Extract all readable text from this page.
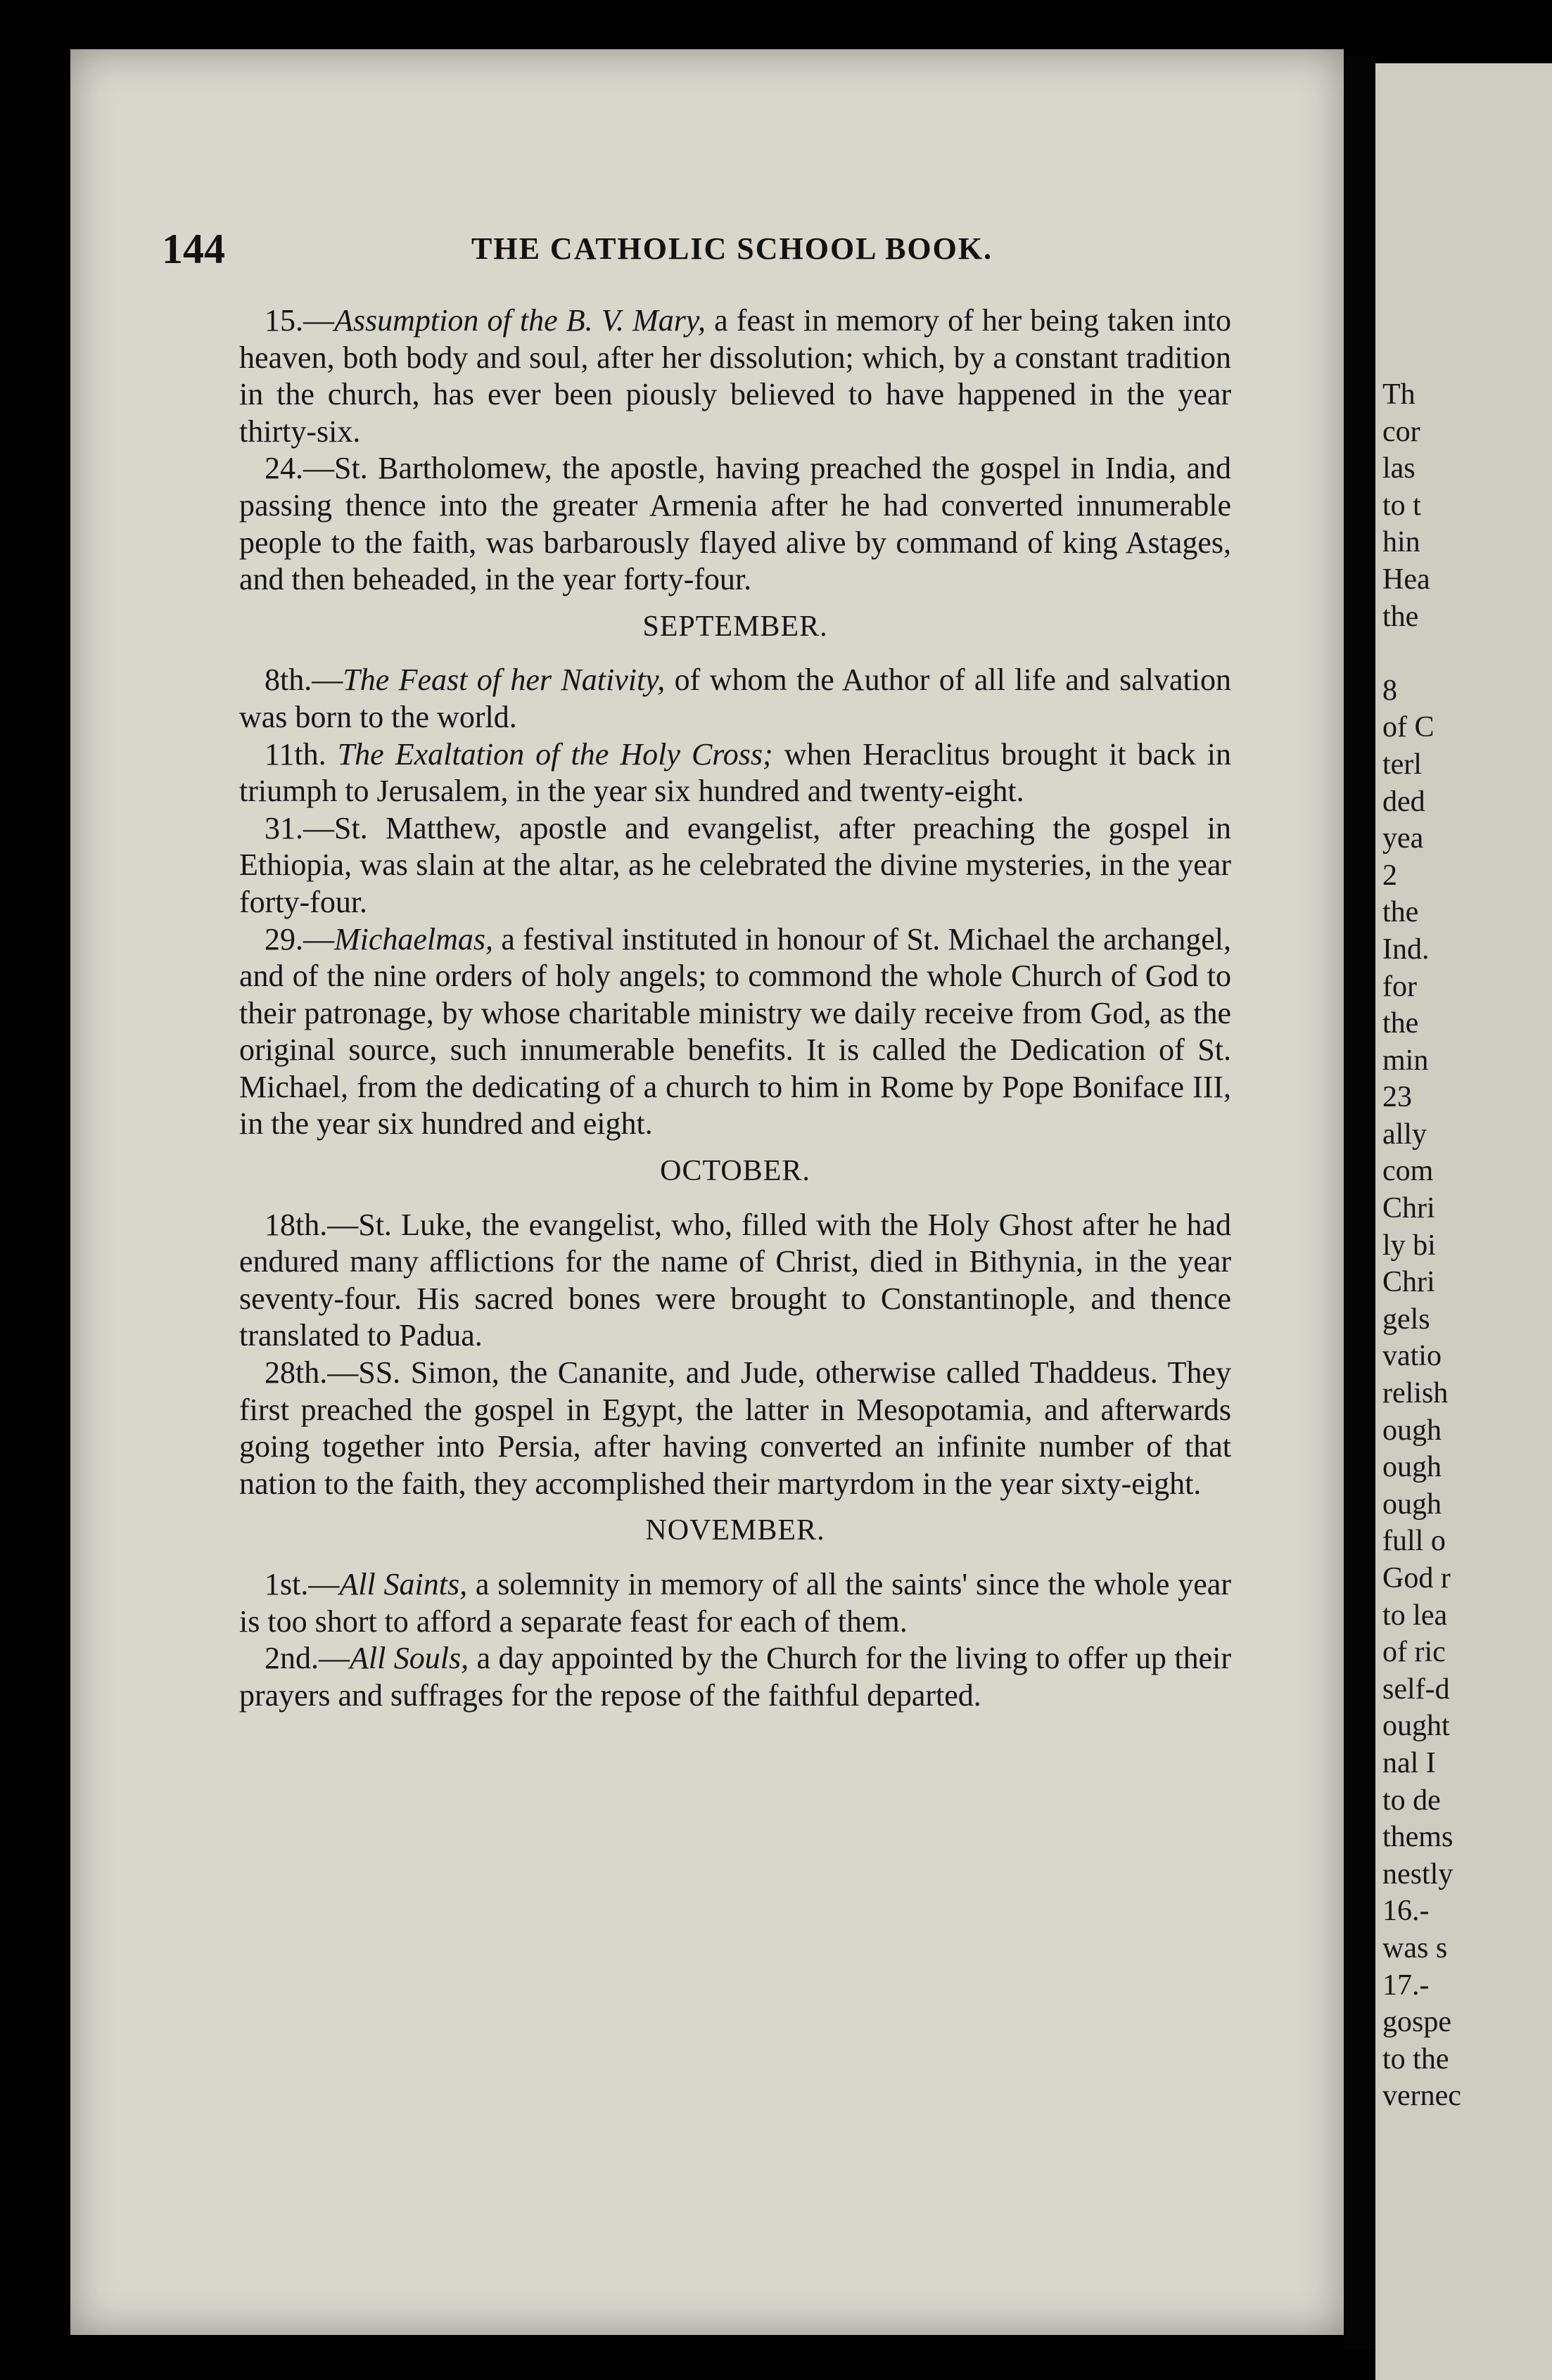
Th
cor
las
to t
hin
Hea
the

8
of C
terl
ded
yea
2
the
Ind.
for
the
min
23
ally
com
Chri
ly bi
Chri
gels
vatio
relish
ough
ough
ough
full o
God r
to lea
of ric
self-d
ought
nal I
to de
thems
nestly
16.-
was s
17.-
gospe
to the
vernec
144	THE CATHOLIC SCHOOL BOOK.

15.—Assumption of the B. V. Mary, a feast in memory of her being taken into heaven, both body and soul, after her dissolution; which, by a constant tradition in the church, has ever been piously believed to have happened in the year thirty-six.

24.—St. Bartholomew, the apostle, having preached the gospel in India, and passing thence into the greater Armenia after he had converted innumerable people to the faith, was barbarously flayed alive by command of king Astages, and then beheaded, in the year forty-four.

SEPTEMBER.

8th.—The Feast of her Nativity, of whom the Author of all life and salvation was born to the world.

11th. The Exaltation of the Holy Cross; when Heraclitus brought it back in triumph to Jerusalem, in the year six hundred and twenty-eight.

31.—St. Matthew, apostle and evangelist, after preaching the gospel in Ethiopia, was slain at the altar, as he celebrated the divine mysteries, in the year forty-four.

29.—Michaelmas, a festival instituted in honour of St. Michael the archangel, and of the nine orders of holy angels; to commond the whole Church of God to their patronage, by whose charitable ministry we daily receive from God, as the original source, such innumerable benefits. It is called the Dedication of St. Michael, from the dedicating of a church to him in Rome by Pope Boniface III, in the year six hundred and eight.

OCTOBER.

18th.—St. Luke, the evangelist, who, filled with the Holy Ghost after he had endured many afflictions for the name of Christ, died in Bithynia, in the year seventy-four. His sacred bones were brought to Constantinople, and thence translated to Padua.

28th.—SS. Simon, the Cananite, and Jude, otherwise called Thaddeus. They first preached the gospel in Egypt, the latter in Mesopotamia, and afterwards going together into Persia, after having converted an infinite number of that nation to the faith, they accomplished their martyrdom in the year sixty-eight.

NOVEMBER.

1st.—All Saints, a solemnity in memory of all the saints' since the whole year is too short to afford a separate feast for each of them.

2nd.—All Souls, a day appointed by the Church for the living to offer up their prayers and suffrages for the repose of the faithful departed.
